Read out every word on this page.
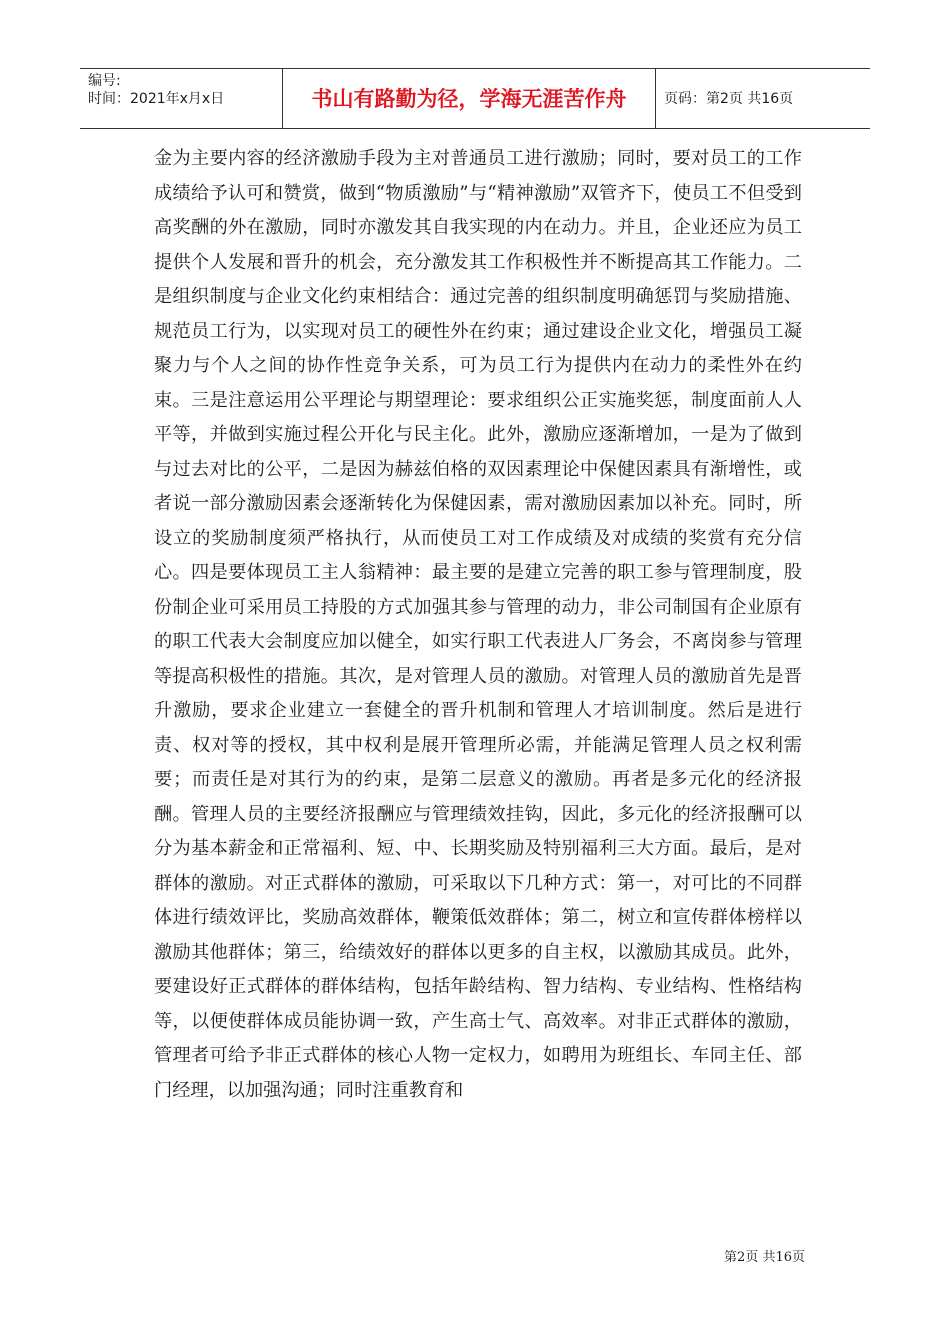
编号:
时间：2021年x月x日	书山有路勤为径，学海无涯苦作舟	页码：第2页 共16页

金为主要内容的经济激励手段为主对普通员工进行激励；同时，要对员工的工作成绩给予认可和赞赏，做到“物质激励”与“精神激励”双管齐下，使员工不但受到高奖酬的外在激励，同时亦激发其自我实现的内在动力。并且，企业还应为员工提供个人发展和晋升的机会，充分激发其工作积极性并不断提高其工作能力。二是组织制度与企业文化约束相结合：通过完善的组织制度明确惩罚与奖励措施、规范员工行为，以实现对员工的硬性外在约束；通过建设企业文化，增强员工凝聚力与个人之间的协作性竞争关系，可为员工行为提供内在动力的柔性外在约束。三是注意运用公平理论与期望理论：要求组织公正实施奖惩，制度面前人人平等，并做到实施过程公开化与民主化。此外，激励应逐渐增加，一是为了做到与过去对比的公平，二是因为赫兹伯格的双因素理论中保健因素具有渐增性，或者说一部分激励因素会逐渐转化为保健因素，需对激励因素加以补充。同时，所设立的奖励制度须严格执行，从而使员工对工作成绩及对成绩的奖赏有充分信心。四是要体现员工主人翁精神：最主要的是建立完善的职工参与管理制度，股份制企业可采用员工持股的方式加强其参与管理的动力，非公司制国有企业原有的职工代表大会制度应加以健全，如实行职工代表进人厂务会，不离岗参与管理等提高积极性的措施。其次，是对管理人员的激励。对管理人员的激励首先是晋升激励，要求企业建立一套健全的晋升机制和管理人才培训制度。然后是进行责、权对等的授权，其中权利是展开管理所必需，并能满足管理人员之权利需要；而责任是对其行为的约束，是第二层意义的激励。再者是多元化的经济报酬。管理人员的主要经济报酬应与管理绩效挂钩，因此，多元化的经济报酬可以分为基本薪金和正常福利、短、中、长期奖励及特别福利三大方面。最后，是对群体的激励。对正式群体的激励，可采取以下几种方式：第一，对可比的不同群体进行绩效评比，奖励高效群体，鞭策低效群体；第二，树立和宣传群体榜样以激励其他群体；第三，给绩效好的群体以更多的自主权，以激励其成员。此外，要建设好正式群体的群体结构，包括年龄结构、智力结构、专业结构、性格结构等，以便使群体成员能协调一致，产生高士气、高效率。对非正式群体的激励，管理者可给予非正式群体的核心人物一定权力，如聘用为班组长、车同主任、部门经理，以加强沟通；同时注重教育和

第2页 共16页
